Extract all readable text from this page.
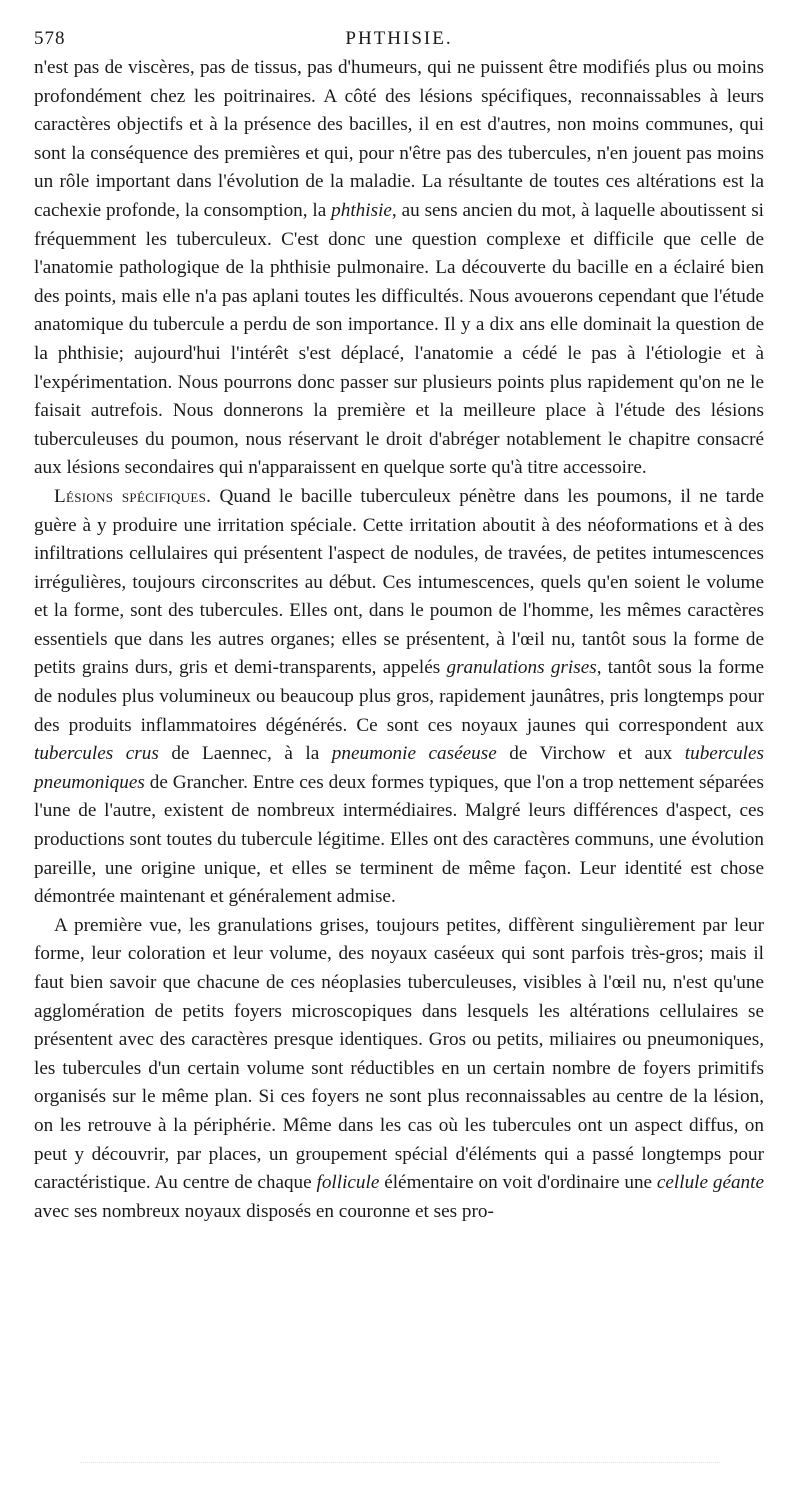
578	PHTHISIE.

n'est pas de viscères, pas de tissus, pas d'humeurs, qui ne puissent être modifiés plus ou moins profondément chez les poitrinaires. A côté des lésions spécifiques, reconnaissables à leurs caractères objectifs et à la présence des bacilles, il en est d'autres, non moins communes, qui sont la conséquence des premières et qui, pour n'être pas des tubercules, n'en jouent pas moins un rôle important dans l'évolution de la maladie. La résultante de toutes ces altérations est la cachexie profonde, la consomption, la phthisie, au sens ancien du mot, à laquelle aboutissent si fréquemment les tuberculeux. C'est donc une question complexe et difficile que celle de l'anatomie pathologique de la phthisie pulmonaire. La découverte du bacille en a éclairé bien des points, mais elle n'a pas aplani toutes les difficultés. Nous avouerons cependant que l'étude anatomique du tubercule a perdu de son importance. Il y a dix ans elle dominait la question de la phthisie; aujourd'hui l'intérêt s'est déplacé, l'anatomie a cédé le pas à l'étiologie et à l'expérimentation. Nous pourrons donc passer sur plusieurs points plus rapidement qu'on ne le faisait autrefois. Nous donnerons la première et la meilleure place à l'étude des lésions tuberculeuses du poumon, nous réservant le droit d'abréger notablement le chapitre consacré aux lésions secondaires qui n'apparaissent en quelque sorte qu'à titre accessoire.

Lésions spécifiques. Quand le bacille tuberculeux pénètre dans les poumons, il ne tarde guère à y produire une irritation spéciale. Cette irritation aboutit à des néoformations et à des infiltrations cellulaires qui présentent l'aspect de nodules, de travées, de petites intumescences irrégulières, toujours circonscrites au début. Ces intumescences, quels qu'en soient le volume et la forme, sont des tubercules. Elles ont, dans le poumon de l'homme, les mêmes caractères essentiels que dans les autres organes; elles se présentent, à l'œil nu, tantôt sous la forme de petits grains durs, gris et demi-transparents, appelés granulations grises, tantôt sous la forme de nodules plus volumineux ou beaucoup plus gros, rapidement jaunâtres, pris longtemps pour des produits inflammatoires dégénérés. Ce sont ces noyaux jaunes qui correspondent aux tubercules crus de Laennec, à la pneumonie caséeuse de Virchow et aux tubercules pneumoniques de Grancher. Entre ces deux formes typiques, que l'on a trop nettement séparées l'une de l'autre, existent de nombreux intermédiaires. Malgré leurs différences d'aspect, ces productions sont toutes du tubercule légitime. Elles ont des caractères communs, une évolution pareille, une origine unique, et elles se terminent de même façon. Leur identité est chose démontrée maintenant et généralement admise.

A première vue, les granulations grises, toujours petites, diffèrent singulièrement par leur forme, leur coloration et leur volume, des noyaux caséeux qui sont parfois très-gros; mais il faut bien savoir que chacune de ces néoplasies tuberculeuses, visibles à l'œil nu, n'est qu'une agglomération de petits foyers microscopiques dans lesquels les altérations cellulaires se présentent avec des caractères presque identiques. Gros ou petits, miliaires ou pneumoniques, les tubercules d'un certain volume sont réductibles en un certain nombre de foyers primitifs organisés sur le même plan. Si ces foyers ne sont plus reconnaissables au centre de la lésion, on les retrouve à la périphérie. Même dans les cas où les tubercules ont un aspect diffus, on peut y découvrir, par places, un groupement spécial d'éléments qui a passé longtemps pour caractéristique. Au centre de chaque follicule élémentaire on voit d'ordinaire une cellule géante avec ses nombreux noyaux disposés en couronne et ses pro-
